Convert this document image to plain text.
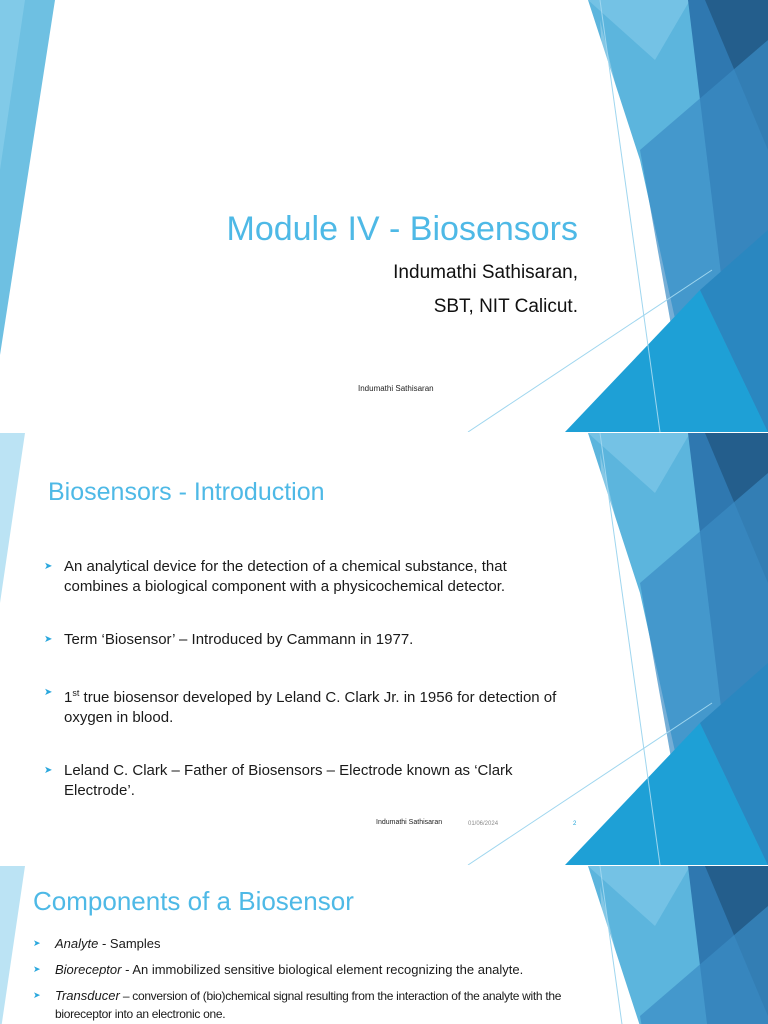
Module IV - Biosensors
Indumathi Sathisaran,
SBT, NIT Calicut.
Indumathi Sathisaran
Biosensors - Introduction
➤ An analytical device for the detection of a chemical substance, that combines a biological component with a physicochemical detector.
➤ Term ‘Biosensor’ – Introduced by Cammann in 1977.
➤ 1st true biosensor developed by Leland C. Clark Jr. in 1956 for detection of oxygen in blood.
➤ Leland C. Clark – Father of Biosensors – Electrode known as ‘Clark Electrode’.
Indumathi Sathisaran	01/06/2024	2
Components of a Biosensor
➤ Analyte - Samples
➤ Bioreceptor - An immobilized sensitive biological element recognizing the analyte.
➤ Transducer – conversion of (bio)chemical signal resulting from the interaction of the analyte with the bioreceptor into an electronic one.
